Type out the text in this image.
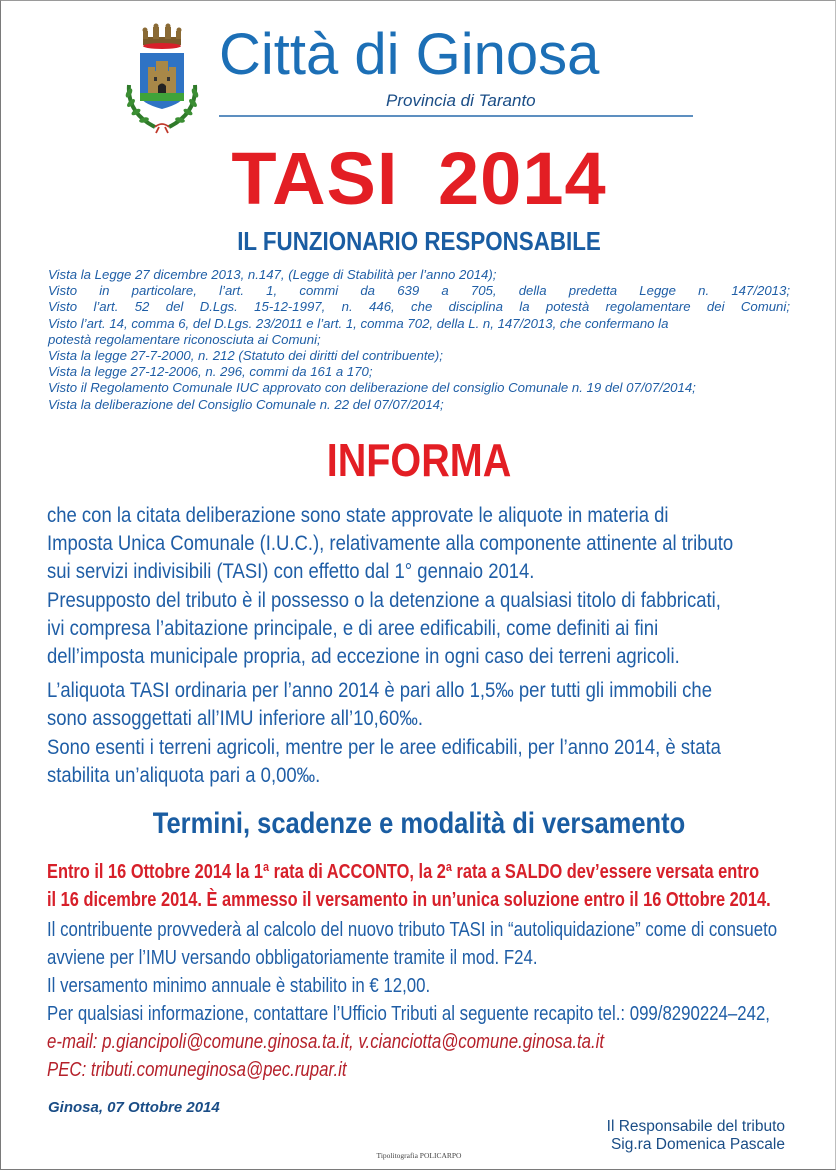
Città di Ginosa
Provincia di Taranto
TASI 2014
IL FUNZIONARIO RESPONSABILE
Vista la Legge 27 dicembre 2013, n.147, (Legge di Stabilità per l’anno 2014);
Visto in particolare, l’art. 1, commi da 639 a 705, della predetta Legge n. 147/2013;
Visto l’art. 52 del D.Lgs. 15-12-1997, n. 446, che disciplina la potestà regolamentare dei Comuni;
Visto l’art. 14, comma 6, del D.Lgs. 23/2011 e l’art. 1, comma 702, della L. n, 147/2013, che confermano la
potestà regolamentare riconosciuta ai Comuni;
Vista la legge 27-7-2000, n. 212 (Statuto dei diritti del contribuente);
Vista la legge 27-12-2006, n. 296, commi da 161 a 170;
Visto il Regolamento Comunale IUC approvato con deliberazione del consiglio Comunale n. 19 del 07/07/2014;
Vista la deliberazione del Consiglio Comunale n. 22 del 07/07/2014;
INFORMA
che con la citata deliberazione sono state approvate le aliquote in materia di
Imposta Unica Comunale (I.U.C.), relativamente alla componente attinente al tributo
sui servizi indivisibili (TASI) con effetto dal 1° gennaio 2014.
Presupposto del tributo è il possesso o la detenzione a qualsiasi titolo di fabbricati,
ivi compresa l’abitazione principale, e di aree edificabili, come definiti ai fini
dell’imposta municipale propria, ad eccezione in ogni caso dei terreni agricoli.
L’aliquota TASI ordinaria per l’anno 2014 è pari allo 1,5‰ per tutti gli immobili che
sono assoggettati all’IMU inferiore all’10,60‰.
Sono esenti i terreni agricoli, mentre per le aree edificabili, per l’anno 2014, è stata
stabilita un’aliquota pari a 0,00‰.
Termini, scadenze e modalità di versamento
Entro il 16 Ottobre 2014 la 1ª rata di ACCONTO, la 2ª rata a SALDO dev’essere versata entro
il 16 dicembre 2014. È ammesso il versamento in un’unica soluzione entro il 16 Ottobre 2014.
Il contribuente provvederà al calcolo del nuovo tributo TASI in “autoliquidazione” come di consueto
avviene per l’IMU versando obbligatoriamente tramite il mod. F24.
Il versamento minimo annuale è stabilito in € 12,00.
Per qualsiasi informazione, contattare l’Ufficio Tributi al seguente recapito tel.: 099/8290224–242,
e-mail: p.giancipoli@comune.ginosa.ta.it, v.cianciotta@comune.ginosa.ta.it
PEC: tributi.comuneginosa@pec.rupar.it
Ginosa, 07 Ottobre 2014
Il Responsabile del tributo
Sig.ra Domenica Pascale
Tipolitografia POLICARPO
